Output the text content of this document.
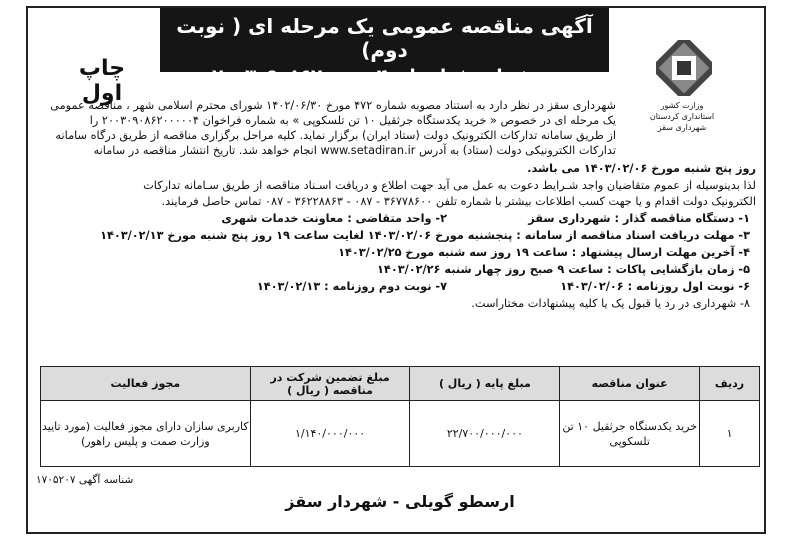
آگهی مناقصه عمومی یک مرحله ای ( نوبت دوم)
به شماره فراخوان ۲۰۰۳۰۹۰۸۶۲۰۰۰۰۰۴
چاپ اول	وزارت کشور
استانداری کردستان
شهرداری سقز
شهرداری سقز در نظر دارد به استناد مصوبه شماره ۴۷۲ مورخ ۱۴۰۲/۰۶/۳۰ شورای محترم اسلامی شهر ، مناقصه عمومی
یک مرحله ای در خصوص « خرید یکدستگاه جرثقیل ۱۰ تن تلسکوپی » به شماره فراخوان ۲۰۰۳۰۹۰۸۶۲۰۰۰۰۰۴ را
از طریق سامانه تدارکات الکترونیک دولت (ستاد ایران) برگزار نماید. کلیه مراحل برگزاری مناقصه از طریق درگاه سامانه
تدارکات الکترونیکی دولت (ستاد) به آدرس www.setadiran.ir انجام خواهد شد. تاریخ انتشار مناقصه در سامانه
روز پنج شنبه مورخ ۱۴۰۳/۰۲/۰۶ می باشد.
لذا بدینوسیله از عموم متقاضیان واجد شـرایط دعوت به عمل می آید جهت اطلاع و دریافت اسـناد مناقصه از طریق سـامانه تدارکات
الکترونیک دولت اقدام و یا جهت کسب اطلاعات بیشتر با شماره تلفن ۳۶۷۷۸۶۰۰ - ۰۸۷ - ۳۶۲۲۸۸۶۳ - ۰۸۷ تماس حاصل فرمایند.
۱- دستگاه مناقصه گذار : شهرداری سقز
۲- واحد متقاضی : معاونت خدمات شهری
۳- مهلت دریافت اسناد مناقصه از سامانه : پنجشنبه مورخ ۱۴۰۳/۰۲/۰۶ لغایت ساعت ۱۹ روز پنج شنبه مورخ ۱۴۰۳/۰۲/۱۳
۴- آخرین مهلت ارسال پیشنهاد : ساعت ۱۹ روز سه شنبه مورخ ۱۴۰۳/۰۲/۲۵
۵- زمان بازگشایی پاکات : ساعت ۹ صبح روز چهار شنبه ۱۴۰۳/۰۲/۲۶
۶- نوبت اول روزنامه : ۱۴۰۳/۰۲/۰۶
۷- نوبت دوم روزنامه : ۱۴۰۳/۰۲/۱۳
۸- شهرداری در رد یا قبول یک یا کلیه پیشنهادات مختاراست.
ردیف	عنوان مناقصه	مبلغ پایه ( ریال )	مبلغ تضمین شرکت در مناقصه ( ریال )	مجوز فعالیت
۱	خرید یکدستگاه جرثقیل ۱۰ تن تلسکوپی	۲۲/۷۰۰/۰۰۰/۰۰۰	۱/۱۴۰/۰۰۰/۰۰۰	کاربری سازان دارای مجوز فعالیت (مورد تایید وزارت صمت و پلیس راهور)
شناسه آگهی ۱۷۰۵۲۰۷
ارسطو گویلی - شهردار سقز
